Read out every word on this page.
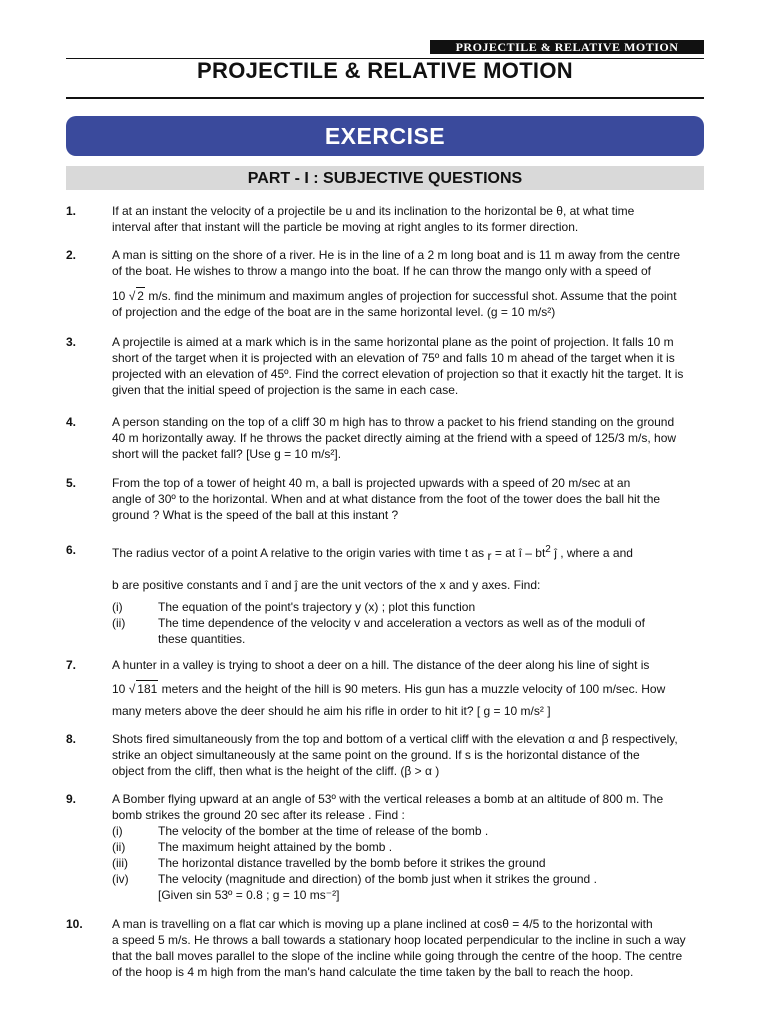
PROJECTILE & RELATIVE MOTION
PROJECTILE & RELATIVE MOTION
EXERCISE
PART - I : SUBJECTIVE QUESTIONS
1.	If at an instant the velocity of a projectile be u and its inclination to the horizontal be θ, at what time
interval after that instant will the particle be moving at right angles to its former direction.
2.	A man is sitting on the shore of a river. He is in the line of a 2 m long boat and is 11 m away from the centre
of the boat. He wishes to throw a mango into the boat. If he can throw the mango only with a speed of
10 √ 2 m/s. find the minimum and maximum angles of projection for successful shot. Assume that the point
of projection and the edge of the boat are in the same horizontal level. (g = 10 m/s²)
3.	A projectile is aimed at a mark which is in the same horizontal plane as the point of projection. It falls 10 m
short of the target when it is projected with an elevation of 75º and falls 10 m ahead of the target when it is
projected with an elevation of 45º. Find the correct elevation of projection so that it exactly hit the target. It is
given that the initial speed of projection is the same in each case.
4.	A person standing on the top of a cliff 30 m high has to throw a packet to his friend standing on the ground
40 m horizontally away. If he throws the packet directly aiming at the friend with a speed of 125/3 m/s, how
short will the packet fall? [Use g = 10 m/s²].
5.	From the top of a tower of height 40 m, a ball is projected upwards with a speed of 20 m/sec at an
angle of 30º to the horizontal. When and at what distance from the foot of the tower does the ball hit the
ground ? What is the speed of the ball at this instant ?
6.	The radius vector of a point A relative to the origin varies with time t as r = at î – $bt^2$ ĵ , where a and
b are positive constants and î and ĵ are the unit vectors of the x and y axes. Find:
(i)	The equation of the point's trajectory y (x) ; plot this function
(ii)	The time dependence of the velocity v and acceleration a vectors as well as of the moduli of
these quantities.
7.	A hunter in a valley is trying to shoot a deer on a hill. The distance of the deer along his line of sight is
10 √ 181 meters and the height of the hill is 90 meters. His gun has a muzzle velocity of 100 m/sec. How
many meters above the deer should he aim his rifle in order to hit it? [ g = 10 m/s² ]
8.	Shots fired simultaneously from the top and bottom of a vertical cliff with the elevation α and β respectively,
strike an object simultaneously at the same point on the ground. If s is the horizontal distance of the
object from the cliff, then what is the height of the cliff. (β > α )
9.	A Bomber flying upward at an angle of 53º with the vertical releases a bomb at an altitude of 800 m. The
bomb strikes the ground 20 sec after its release . Find :
(i)	The velocity of the bomber at the time of release of the bomb .
(ii)	The maximum height attained by the bomb .
(iii)	The horizontal distance travelled by the bomb before it strikes the ground
(iv) The velocity (magnitude and direction) of the bomb just when it strikes the ground .
[Given sin 53º = 0.8 ; g = 10 ms⁻²]
10. A man is travelling on a flat car which is moving up a plane inclined at cosθ = 4/5 to the horizontal with
a speed 5 m/s. He throws a ball towards a stationary hoop located perpendicular to the incline in such a way
that the ball moves parallel to the slope of the incline while going through the centre of the hoop. The centre
of the hoop is 4 m high from the man's hand calculate the time taken by the ball to reach the hoop.
